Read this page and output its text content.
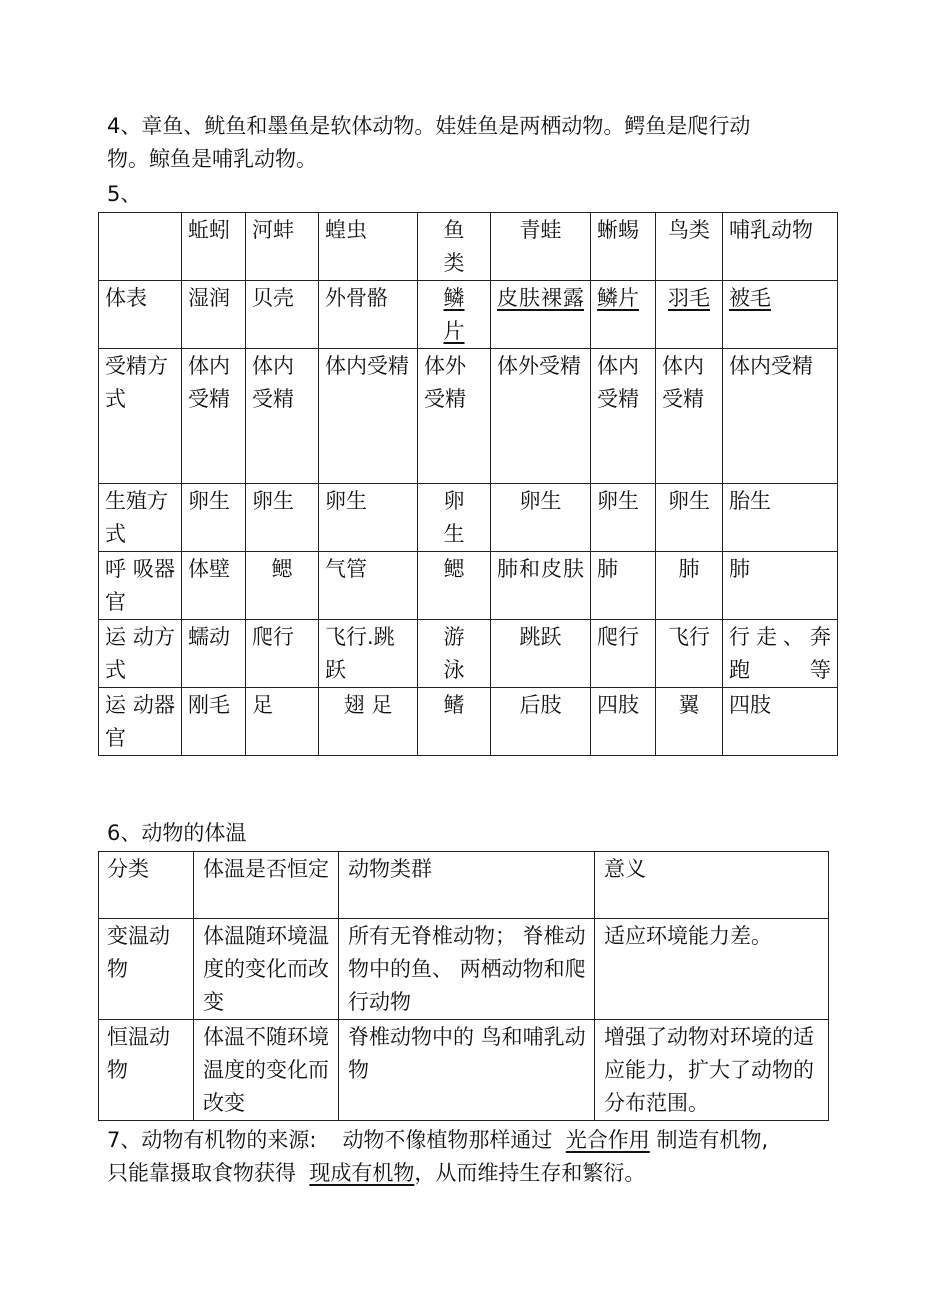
4、章鱼、鱿鱼和墨鱼是软体动物。娃娃鱼是两栖动物。鳄鱼是爬行动

物。鲸鱼是哺乳动物。

5、

	蚯蚓	河蚌	蝗虫	鱼类	青蛙	蜥蜴	鸟类	哺乳动物
体表	湿润	贝壳	外骨骼	鳞片	皮肤裸露	鳞片	羽毛	被毛
受精方式	体内受精	体内受精	体内受精	体外受精	体外受精	体内受精	体内受精	体内受精
生殖方式	卵生	卵生	卵生	卵生	卵生	卵生	卵生	胎生
呼 吸器官	体壁	鳃	气管	鳃	肺和皮肤	肺	肺	肺
运 动方式	蠕动	爬行	飞行.跳跃	游泳	跳跃	爬行	飞行	行走、奔跑等
运 动器官	刚毛	足	翅 足	鳍	后肢	四肢	翼	四肢

6、动物的体温

分类	体温是否恒定	动物类群	意义
变温动物	体温随环境温度的变化而改变	所有无脊椎动物； 脊椎动物中的鱼、 两栖动物和爬行动物	适应环境能力差。
恒温动物	体温不随环境温度的变化而改变	脊椎动物中的 鸟和哺乳动物	增强了动物对环境的适应能力，扩大了动物的分布范围。

7、动物有机物的来源: 动物不像植物那样通过 光合作用 制造有机物,

只能靠摄取食物获得 现成有机物，从而维持生存和繁衍。
